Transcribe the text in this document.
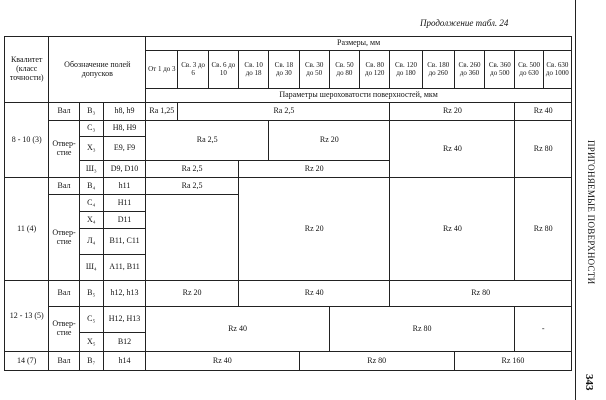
Продолжение табл. 24
ПРИГОНЯЕМЫЕ ПОВЕРХНОСТИ
343
Квалитет (класс точности)	Обозначение полей допусков			Размеры, мм													
				От 1 до 3	Св. 3 до 6	Св. 6 до 10	Св. 10 до 18	Св. 18 до 30	Св. 30 до 50	Св. 50 до 80	Св. 80 до 120	Св. 120 до 180	Св. 180 до 260	Св. 260 до 360	Св. 360 до 500	Св. 500 до 630	Св. 630 до 1000
				Параметры шероховатости поверхностей, мкм													
8 - 10 (3)	Вал	B₃	h8, h9	Ra 1,25	Ra 2,5							Rz 20				Rz 40	
	Отвер- стие	C₃	H8, H9	Ra 2,5				Rz 20				Rz 40				Rz 80	
		X₃	E9, F9														
		Ш₃	D9, D10	Ra 2,5			Rz 20										
11 (4)	Вал	B₄	h11	Ra 2,5			Rz 20					Rz 40				Rz 80	
	Отвер- стие	C₄	H11														
		X₄	D11														
		Л₄	B11, C11														
		Ш₄	A11, B11														
12 - 13 (5)	Вал	B₅	h12, h13	Rz 20			Rz 40					Rz 80					
	Отвер- стие	C₅	H12, H13	Rz 40						Rz 80						-	
		X₅	B12														
14 (7)	Вал	B₇	h14	Rz 40					Rz 80					Rz 160			
